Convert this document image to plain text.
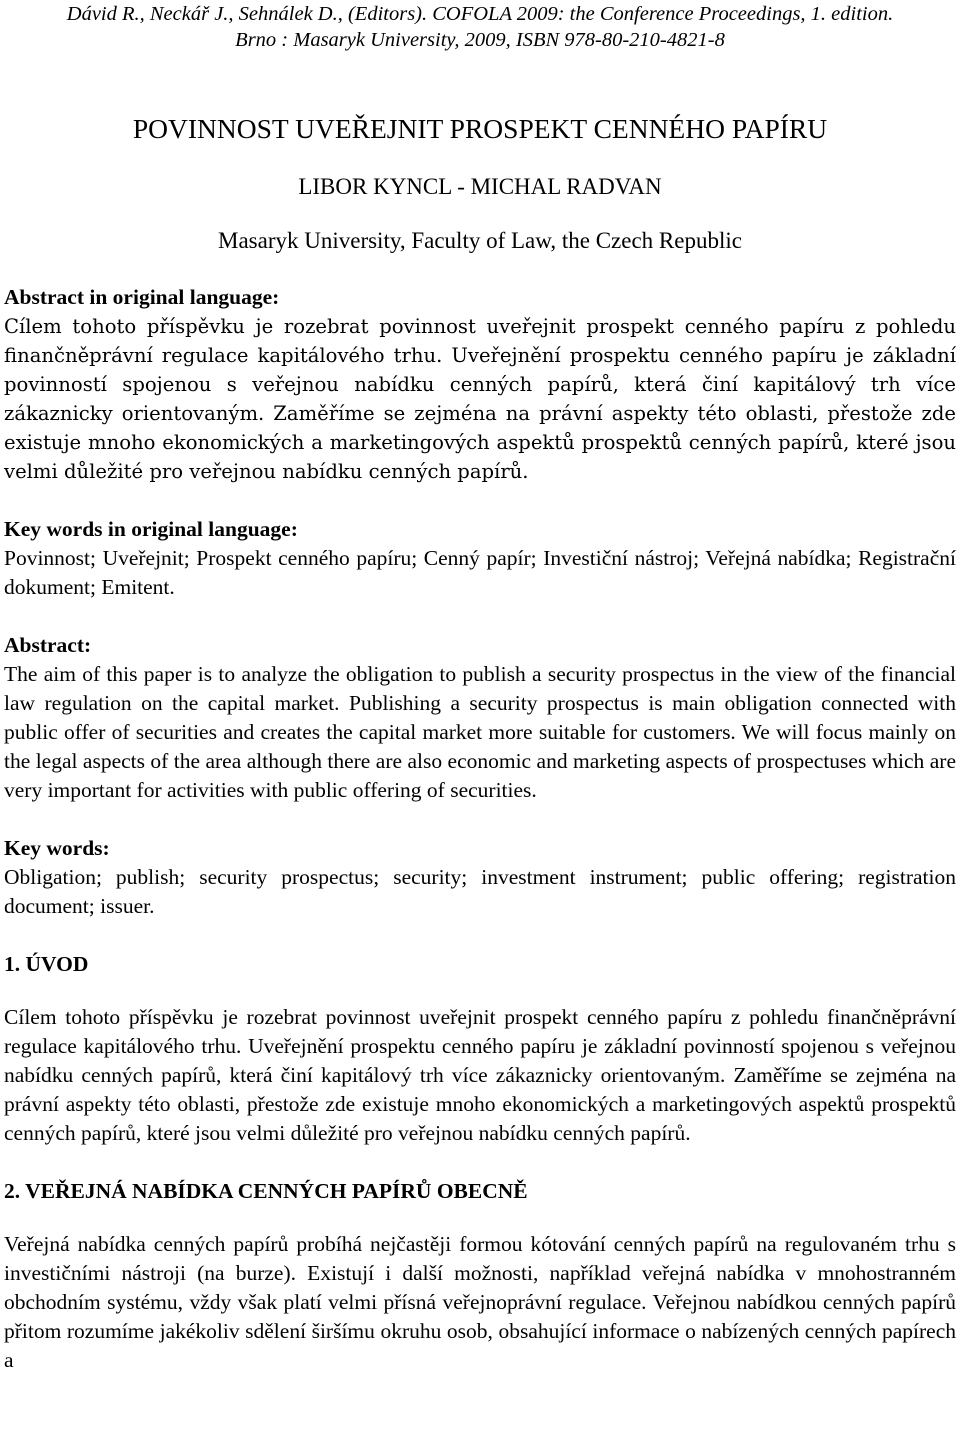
Dávid R., Neckář J., Sehnálek D., (Editors). COFOLA 2009: the Conference Proceedings, 1. edition.
Brno : Masaryk University, 2009, ISBN 978-80-210-4821-8
POVINNOST UVEŘEJNIT PROSPEKT CENNÉHO PAPÍRU
LIBOR KYNCL - MICHAL RADVAN
Masaryk University, Faculty of Law, the Czech Republic
Abstract in original language:

Cílem tohoto příspěvku je rozebrat povinnost uveřejnit prospekt cenného papíru z pohledu finančněprávní regulace kapitálového trhu. Uveřejnění prospektu cenného papíru je základní povinností spojenou s veřejnou nabídku cenných papírů, která činí kapitálový trh více zákaznicky orientovaným. Zaměříme se zejména na právní aspekty této oblasti, přestože zde existuje mnoho ekonomických a marketingových aspektů prospektů cenných papírů, které jsou velmi důležité pro veřejnou nabídku cenných papírů.

Key words in original language:

Povinnost; Uveřejnit; Prospekt cenného papíru; Cenný papír; Investiční nástroj; Veřejná nabídka; Registrační dokument; Emitent.

Abstract:

The aim of this paper is to analyze the obligation to publish a security prospectus in the view of the financial law regulation on the capital market. Publishing a security prospectus is main obligation connected with public offer of securities and creates the capital market more suitable for customers. We will focus mainly on the legal aspects of the area although there are also economic and marketing aspects of prospectuses which are very important for activities with public offering of securities.

Key words:

Obligation; publish; security prospectus; security; investment instrument; public offering; registration document; issuer.

1. ÚVOD

Cílem tohoto příspěvku je rozebrat povinnost uveřejnit prospekt cenného papíru z pohledu finančněprávní regulace kapitálového trhu. Uveřejnění prospektu cenného papíru je základní povinností spojenou s veřejnou nabídku cenných papírů, která činí kapitálový trh více zákaznicky orientovaným. Zaměříme se zejména na právní aspekty této oblasti, přestože zde existuje mnoho ekonomických a marketingových aspektů prospektů cenných papírů, které jsou velmi důležité pro veřejnou nabídku cenných papírů.

2. VEŘEJNÁ NABÍDKA CENNÝCH PAPÍRŮ OBECNĚ

Veřejná nabídka cenných papírů probíhá nejčastěji formou kótování cenných papírů na regulovaném trhu s investičními nástroji (na burze). Existují i další možnosti, například veřejná nabídka v mnohostranném obchodním systému, vždy však platí velmi přísná veřejnoprávní regulace. Veřejnou nabídkou cenných papírů přitom rozumíme jakékoliv sdělení širšímu okruhu osob, obsahující informace o nabízených cenných papírech a
